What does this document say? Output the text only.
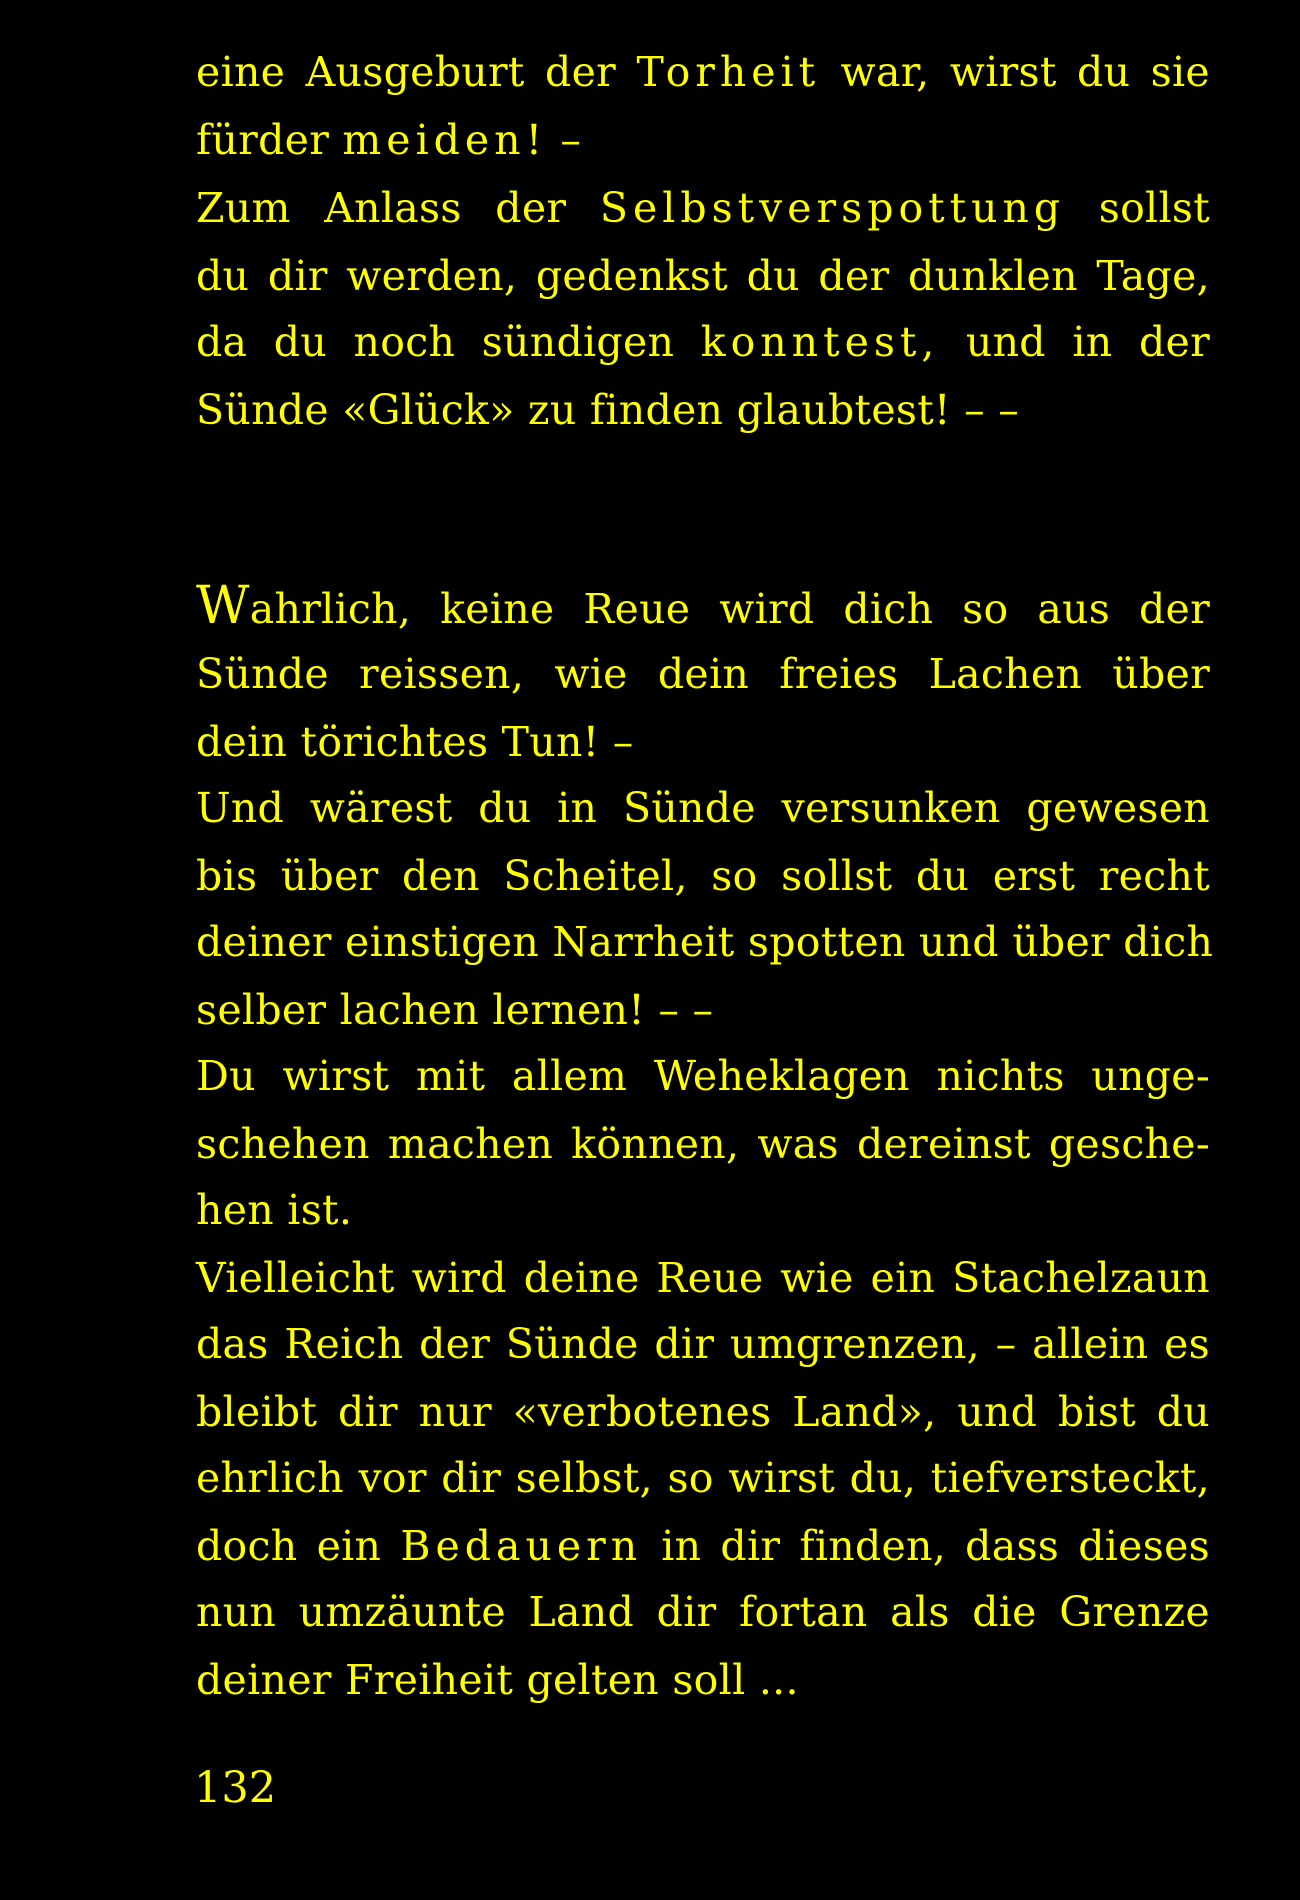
eine Ausgeburt der Torheit war, wirst du sie
fürder meiden! –
Zum Anlass der Selbstverspottung sollst
du dir werden, gedenkst du der dunklen Tage,
da du noch sündigen konntest, und in der
Sünde «Glück» zu finden glaubtest! – –
Wahrlich, keine Reue wird dich so aus der
Sünde reissen, wie dein freies Lachen über
dein törichtes Tun! –
Und wärest du in Sünde versunken gewesen
bis über den Scheitel, so sollst du erst recht
deiner einstigen Narrheit spotten und über dich
selber lachen lernen! – –
Du wirst mit allem Weheklagen nichts unge-
schehen machen können, was dereinst gesche-
hen ist.
Vielleicht wird deine Reue wie ein Stachelzaun
das Reich der Sünde dir umgrenzen, – allein es
bleibt dir nur «verbotenes Land», und bist du
ehrlich vor dir selbst, so wirst du, tiefversteckt,
doch ein Bedauern in dir finden, dass dieses
nun umzäunte Land dir fortan als die Grenze
deiner Freiheit gelten soll ...
132
